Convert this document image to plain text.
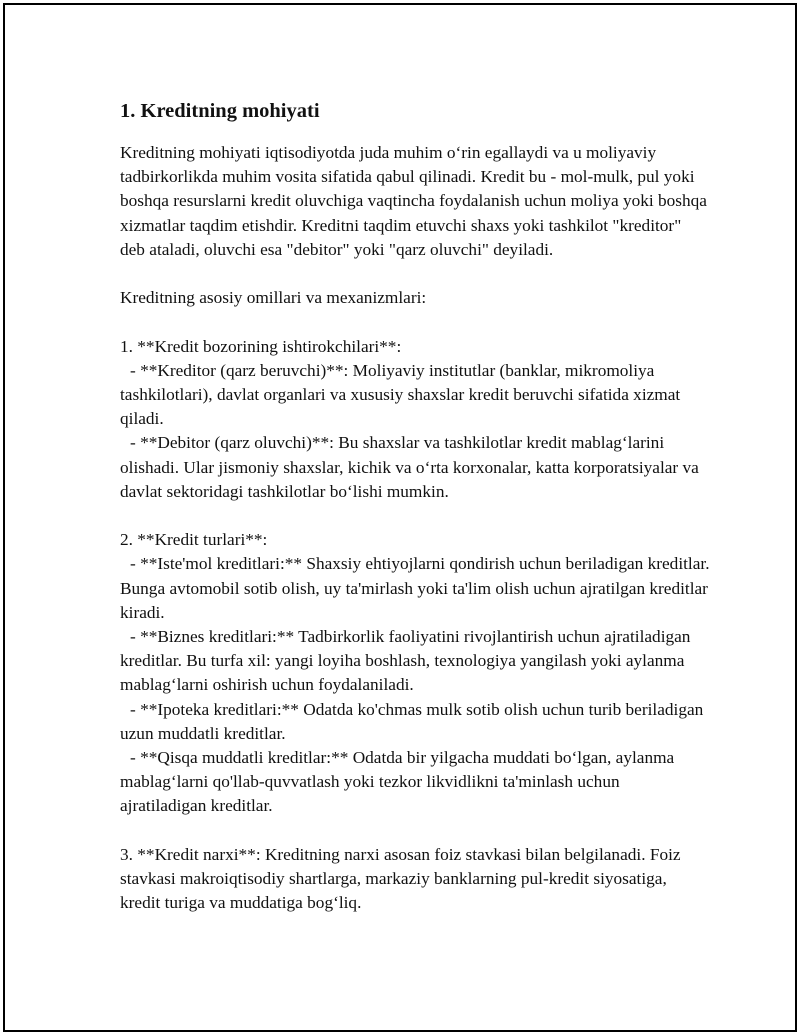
1. Kreditning mohiyati

Kreditning mohiyati iqtisodiyotda juda muhim o‘rin egallaydi va u moliyaviy tadbirkorlikda muhim vosita sifatida qabul qilinadi. Kredit bu - mol-mulk, pul yoki boshqa resurslarni kredit oluvchiga vaqtincha foydalanish uchun moliya yoki boshqa xizmatlar taqdim etishdir. Kreditni taqdim etuvchi shaxs yoki tashkilot "kreditor" deb ataladi, oluvchi esa "debitor" yoki "qarz oluvchi" deyiladi.

Kreditning asosiy omillari va mexanizmlari:

1. **Kredit bozorining ishtirokchilari**:

- **Kreditor (qarz beruvchi)**: Moliyaviy institutlar (banklar, mikromoliya tashkilotlari), davlat organlari va xususiy shaxslar kredit beruvchi sifatida xizmat qiladi.

- **Debitor (qarz oluvchi)**: Bu shaxslar va tashkilotlar kredit mablag‘larini olishadi. Ular jismoniy shaxslar, kichik va o‘rta korxonalar, katta korporatsiyalar va davlat sektoridagi tashkilotlar bo‘lishi mumkin.

2. **Kredit turlari**:

- **Iste'mol kreditlari:** Shaxsiy ehtiyojlarni qondirish uchun beriladigan kreditlar. Bunga avtomobil sotib olish, uy ta'mirlash yoki ta'lim olish uchun ajratilgan kreditlar kiradi.

- **Biznes kreditlari:** Tadbirkorlik faoliyatini rivojlantirish uchun ajratiladigan kreditlar. Bu turfa xil: yangi loyiha boshlash, texnologiya yangilash yoki aylanma mablag‘larni oshirish uchun foydalaniladi.

- **Ipoteka kreditlari:** Odatda ko'chmas mulk sotib olish uchun turib beriladigan uzun muddatli kreditlar.

- **Qisqa muddatli kreditlar:** Odatda bir yilgacha muddati bo‘lgan, aylanma mablag‘larni qo'llab-quvvatlash yoki tezkor likvidlikni ta'minlash uchun ajratiladigan kreditlar.

3. **Kredit narxi**: Kreditning narxi asosan foiz stavkasi bilan belgilanadi. Foiz stavkasi makroiqtisodiy shartlarga, markaziy banklarning pul-kredit siyosatiga, kredit turiga va muddatiga bog‘liq.
